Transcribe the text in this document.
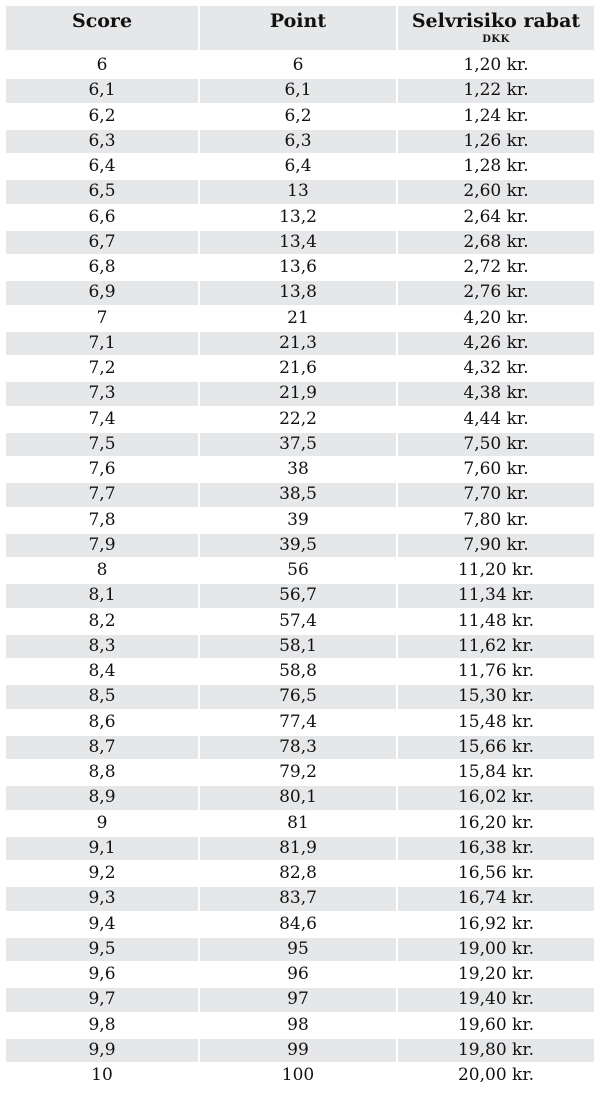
Score	Point	Selvrisiko rabat
DKK
6	6	1,20 kr.
6,1	6,1	1,22 kr.
6,2	6,2	1,24 kr.
6,3	6,3	1,26 kr.
6,4	6,4	1,28 kr.
6,5	13	2,60 kr.
6,6	13,2	2,64 kr.
6,7	13,4	2,68 kr.
6,8	13,6	2,72 kr.
6,9	13,8	2,76 kr.
7	21	4,20 kr.
7,1	21,3	4,26 kr.
7,2	21,6	4,32 kr.
7,3	21,9	4,38 kr.
7,4	22,2	4,44 kr.
7,5	37,5	7,50 kr.
7,6	38	7,60 kr.
7,7	38,5	7,70 kr.
7,8	39	7,80 kr.
7,9	39,5	7,90 kr.
8	56	11,20 kr.
8,1	56,7	11,34 kr.
8,2	57,4	11,48 kr.
8,3	58,1	11,62 kr.
8,4	58,8	11,76 kr.
8,5	76,5	15,30 kr.
8,6	77,4	15,48 kr.
8,7	78,3	15,66 kr.
8,8	79,2	15,84 kr.
8,9	80,1	16,02 kr.
9	81	16,20 kr.
9,1	81,9	16,38 kr.
9,2	82,8	16,56 kr.
9,3	83,7	16,74 kr.
9,4	84,6	16,92 kr.
9,5	95	19,00 kr.
9,6	96	19,20 kr.
9,7	97	19,40 kr.
9,8	98	19,60 kr.
9,9	99	19,80 kr.
10	100	20,00 kr.
